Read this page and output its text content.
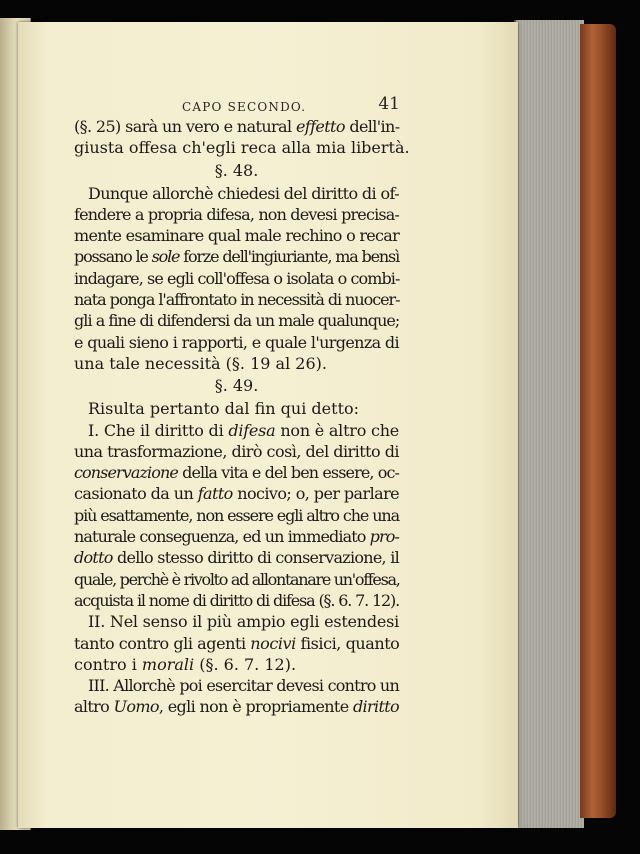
CAPO SECONDO.	41
(§. 25) sarà un vero e natural effetto dell'in-
giusta offesa ch'egli reca alla mia libertà.
§. 48.
Dunque allorchè chiedesi del diritto di of-
fendere a propria difesa, non devesi precisa-
mente esaminare qual male rechino o recar
possano le sole forze dell'ingiuriante, ma bensì
indagare, se egli coll'offesa o isolata o combi-
nata ponga l'affrontato in necessità di nuocer-
gli a fine di difendersi da un male qualunque;
e quali sieno i rapporti, e quale l'urgenza di
una tale necessità (§. 19 al 26).
§. 49.
Risulta pertanto dal fin qui detto:
I. Che il diritto di difesa non è altro che
una trasformazione, dirò così, del diritto di
conservazione della vita e del ben essere, oc-
casionato da un fatto nocivo; o, per parlare
più esattamente, non essere egli altro che una
naturale conseguenza, ed un immediato pro-
dotto dello stesso diritto di conservazione, il
quale, perchè è rivolto ad allontanare un'offesa,
acquista il nome di diritto di difesa (§. 6. 7. 12).
II. Nel senso il più ampio egli estendesi
tanto contro gli agenti nocivi fisici, quanto
contro i morali (§. 6. 7. 12).
III. Allorchè poi esercitar devesi contro un
altro Uomo, egli non è propriamente diritto
